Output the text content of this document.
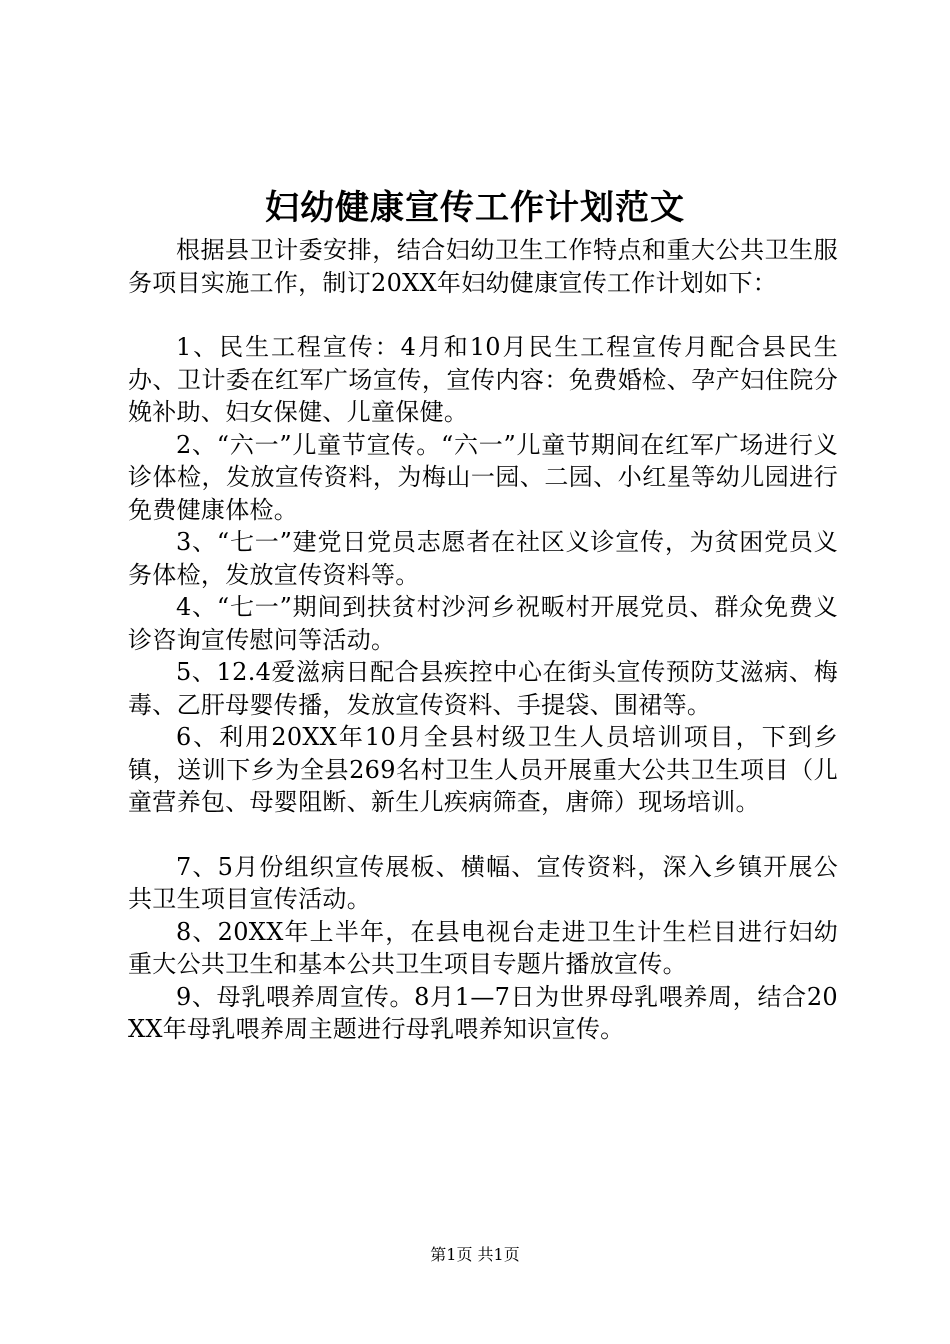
妇幼健康宣传工作计划范文

根据县卫计委安排，结合妇幼卫生工作特点和重大公共卫生服务项目实施工作，制订20XX年妇幼健康宣传工作计划如下：

1、民生工程宣传：4月和10月民生工程宣传月配合县民生办、卫计委在红军广场宣传，宣传内容：免费婚检、孕产妇住院分娩补助、妇女保健、儿童保健。

2、“六一”儿童节宣传。“六一”儿童节期间在红军广场进行义诊体检，发放宣传资料，为梅山一园、二园、小红星等幼儿园进行免费健康体检。

3、“七一”建党日党员志愿者在社区义诊宣传，为贫困党员义务体检，发放宣传资料等。

4、“七一”期间到扶贫村沙河乡祝畈村开展党员、群众免费义诊咨询宣传慰问等活动。

5、12.4爱滋病日配合县疾控中心在街头宣传预防艾滋病、梅毒、乙肝母婴传播，发放宣传资料、手提袋、围裙等。

6、利用20XX年10月全县村级卫生人员培训项目，下到乡镇，送训下乡为全县269名村卫生人员开展重大公共卫生项目（儿童营养包、母婴阻断、新生儿疾病筛查，唐筛）现场培训。

7、5月份组织宣传展板、横幅、宣传资料，深入乡镇开展公共卫生项目宣传活动。

8、20XX年上半年，在县电视台走进卫生计生栏目进行妇幼重大公共卫生和基本公共卫生项目专题片播放宣传。

9、母乳喂养周宣传。8月1—7日为世界母乳喂养周，结合20XX年母乳喂养周主题进行母乳喂养知识宣传。

第1页 共1页
